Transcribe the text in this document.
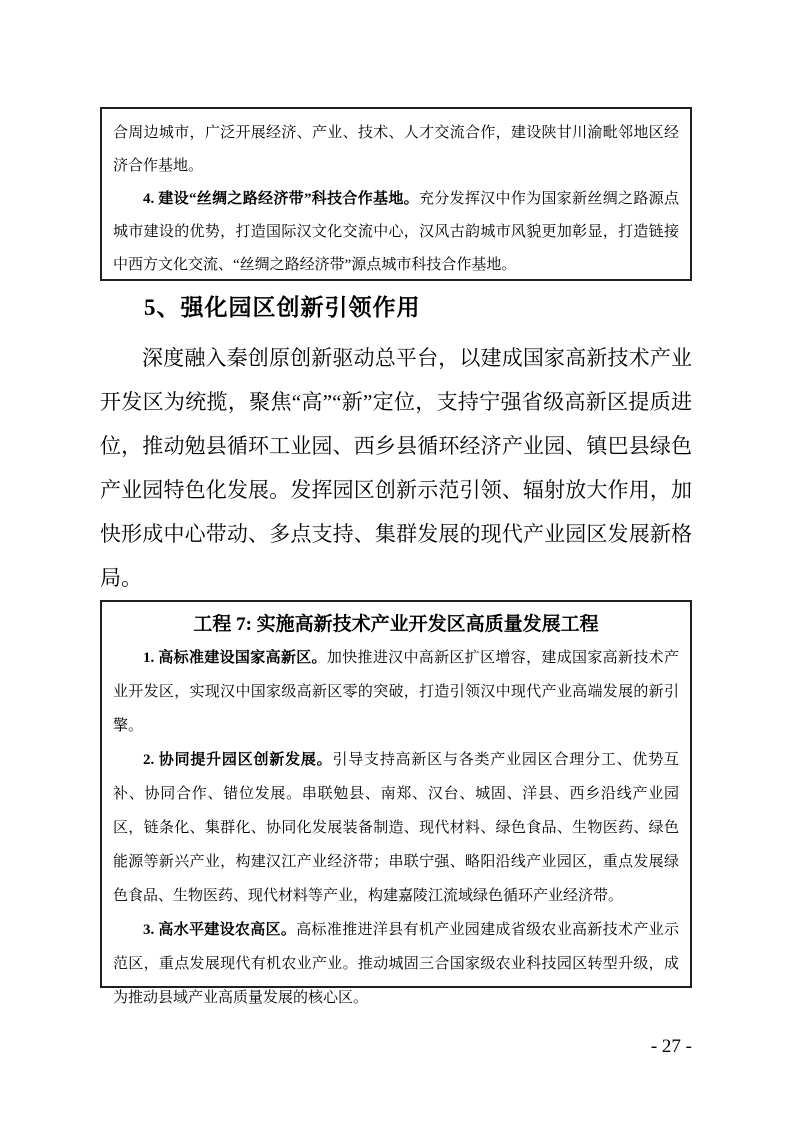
合周边城市，广泛开展经济、产业、技术、人才交流合作，建设陕甘川渝毗邻地区经济合作基地。

4. 建设“丝绸之路经济带”科技合作基地。充分发挥汉中作为国家新丝绸之路源点城市建设的优势，打造国际汉文化交流中心，汉风古韵城市风貌更加彰显，打造链接中西方文化交流、“丝绸之路经济带”源点城市科技合作基地。

5、强化园区创新引领作用

深度融入秦创原创新驱动总平台，以建成国家高新技术产业开发区为统揽，聚焦“高”“新”定位，支持宁强省级高新区提质进位，推动勉县循环工业园、西乡县循环经济产业园、镇巴县绿色产业园特色化发展。发挥园区创新示范引领、辐射放大作用，加快形成中心带动、多点支持、集群发展的现代产业园区发展新格局。

工程 7: 实施高新技术产业开发区高质量发展工程

1. 高标准建设国家高新区。加快推进汉中高新区扩区增容，建成国家高新技术产业开发区，实现汉中国家级高新区零的突破，打造引领汉中现代产业高端发展的新引擎。

2. 协同提升园区创新发展。引导支持高新区与各类产业园区合理分工、优势互补、协同合作、错位发展。串联勉县、南郑、汉台、城固、洋县、西乡沿线产业园区，链条化、集群化、协同化发展装备制造、现代材料、绿色食品、生物医药、绿色能源等新兴产业，构建汉江产业经济带；串联宁强、略阳沿线产业园区，重点发展绿色食品、生物医药、现代材料等产业，构建嘉陵江流域绿色循环产业经济带。

3. 高水平建设农高区。高标准推进洋县有机产业园建成省级农业高新技术产业示范区，重点发展现代有机农业产业。推动城固三合国家级农业科技园区转型升级，成为推动县域产业高质量发展的核心区。

- 27 -
